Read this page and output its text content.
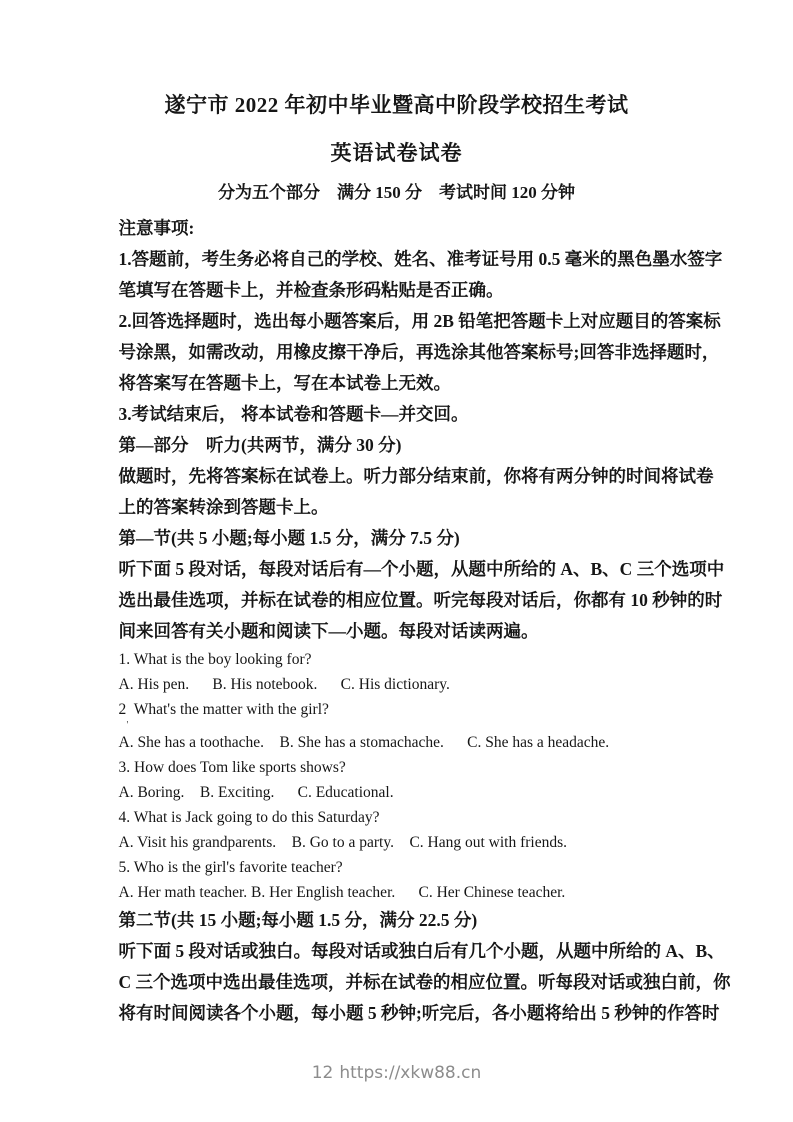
遂宁市 2022 年初中毕业暨高中阶段学校招生考试
英语试卷试卷
分为五个部分　满分 150 分　考试时间 120 分钟
注意事项:
1.答题前，考生务必将自己的学校、姓名、准考证号用 0.5 毫米的黑色墨水签字
笔填写在答题卡上，并检查条形码粘贴是否正确。
2.回答选择题时，选出每小题答案后，用 2B 铅笔把答题卡上对应题目的答案标
号涂黑，如需改动，用橡皮擦干净后，再选涂其他答案标号;回答非选择题时，
将答案写在答题卡上，写在本试卷上无效。
3.考试结束后， 将本试卷和答题卡—并交回。
第—部分　听力(共两节，满分 30 分)
做题时，先将答案标在试卷上。听力部分结束前，你将有两分钟的时间将试卷
上的答案转涂到答题卡上。
第—节(共 5 小题;每小题 1.5 分，满分 7.5 分)
听下面 5 段对话，每段对话后有—个小题，从题中所给的 A、B、C 三个选项中
选出最佳选项，并标在试卷的相应位置。听完每段对话后，你都有 10 秒钟的时
间来回答有关小题和阅读下—小题。每段对话读两遍。
1. What is the boy looking for?
A. His pen.      B. His notebook.      C. His dictionary.
2  What's the matter with the girl?
'
A. She has a toothache.    B. She has a stomachache.      C. She has a headache.
3. How does Tom like sports shows?
A. Boring.    B. Exciting.      C. Educational.
4. What is Jack going to do this Saturday?
A. Visit his grandparents.    B. Go to a party.    C. Hang out with friends.
5. Who is the girl's favorite teacher?
A. Her math teacher. B. Her English teacher.      C. Her Chinese teacher.
第二节(共 15 小题;每小题 1.5 分，满分 22.5 分)
听下面 5 段对话或独白。每段对话或独白后有几个小题，从题中所给的 A、B、
C 三个选项中选出最佳选项，并标在试卷的相应位置。听每段对话或独白前，你
将有时间阅读各个小题，每小题 5 秒钟;听完后，各小题将给出 5 秒钟的作答时
12 https://xkw88.cn
